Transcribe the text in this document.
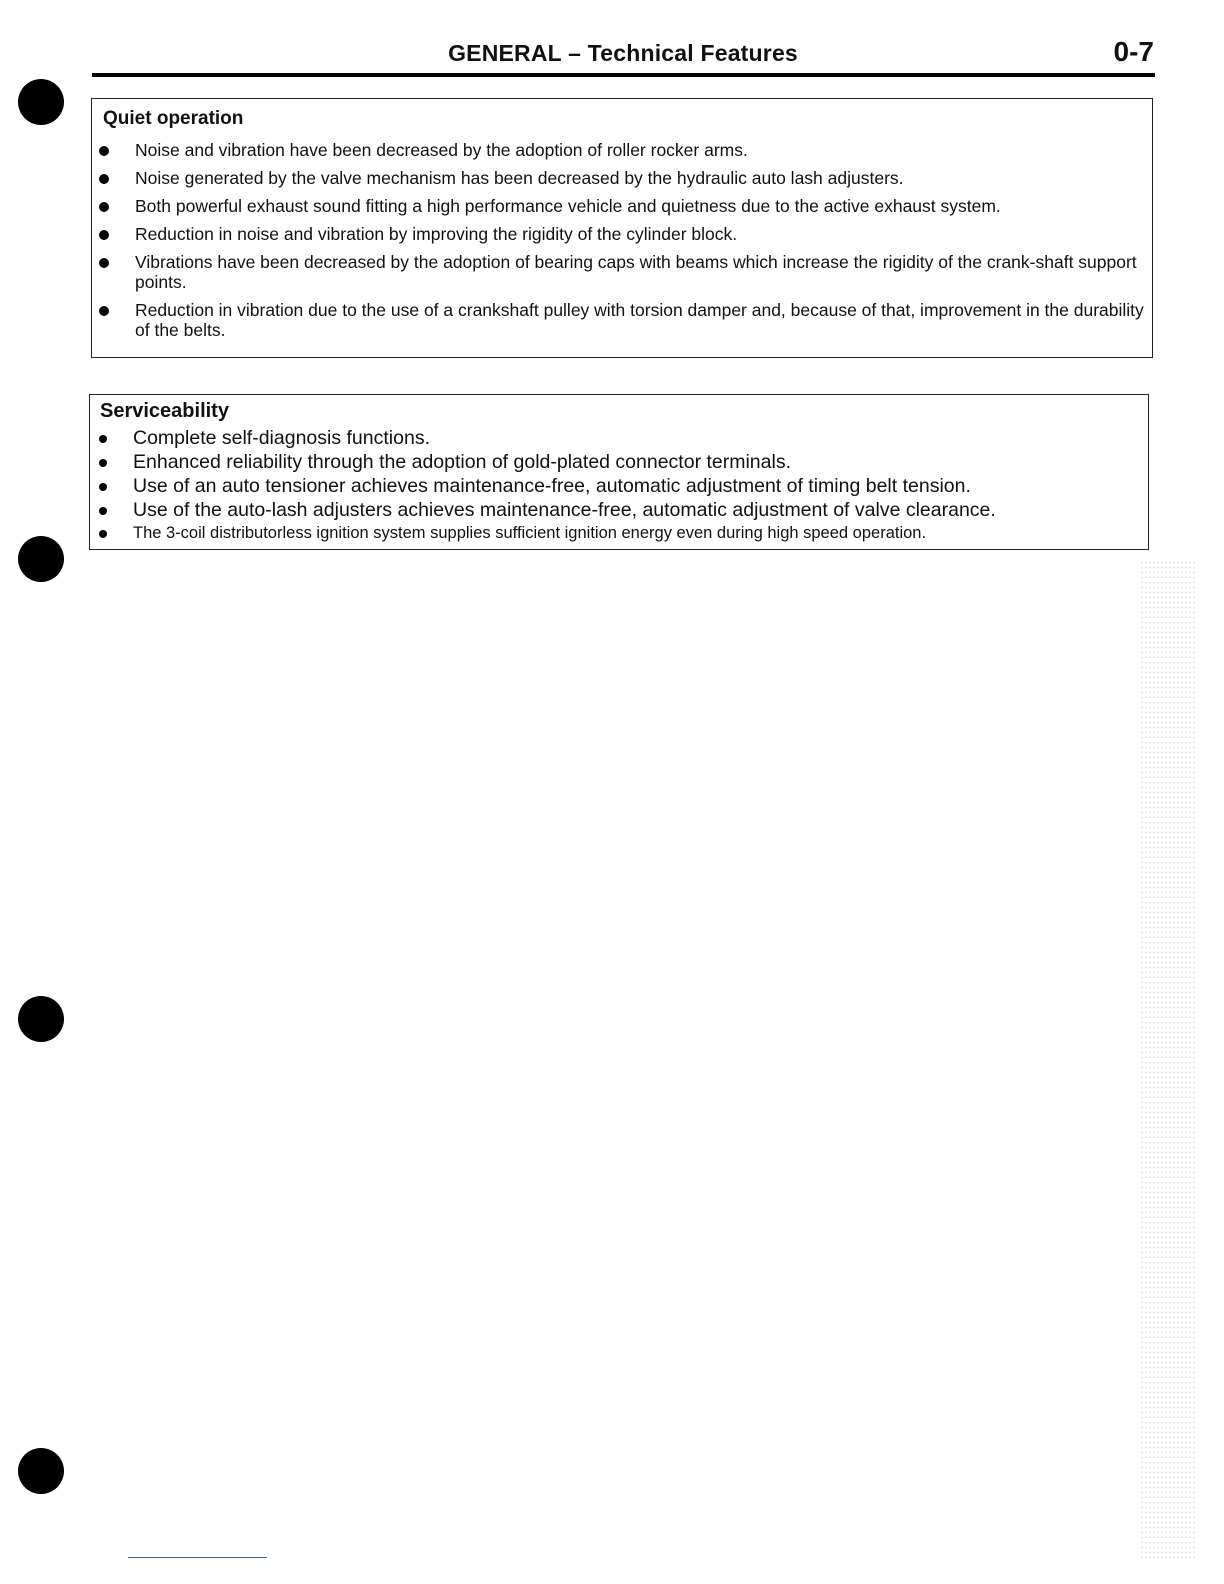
GENERAL – Technical Features	0-7
Quiet operation
Noise and vibration have been decreased by the adoption of roller rocker arms.
Noise generated by the valve mechanism has been decreased by the hydraulic auto lash adjusters.
Both powerful exhaust sound fitting a high performance vehicle and quietness due to the active exhaust system.
Reduction in noise and vibration by improving the rigidity of the cylinder block.
Vibrations have been decreased by the adoption of bearing caps with beams which increase the rigidity of the crank-shaft support points.
Reduction in vibration due to the use of a crankshaft pulley with torsion damper and, because of that, improvement in the durability of the belts.
Serviceability
Complete self-diagnosis functions.
Enhanced reliability through the adoption of gold-plated connector terminals.
Use of an auto tensioner achieves maintenance-free, automatic adjustment of timing belt tension.
Use of the auto-lash adjusters achieves maintenance-free, automatic adjustment of valve clearance.
The 3-coil distributorless ignition system supplies sufficient ignition energy even during high speed operation.
